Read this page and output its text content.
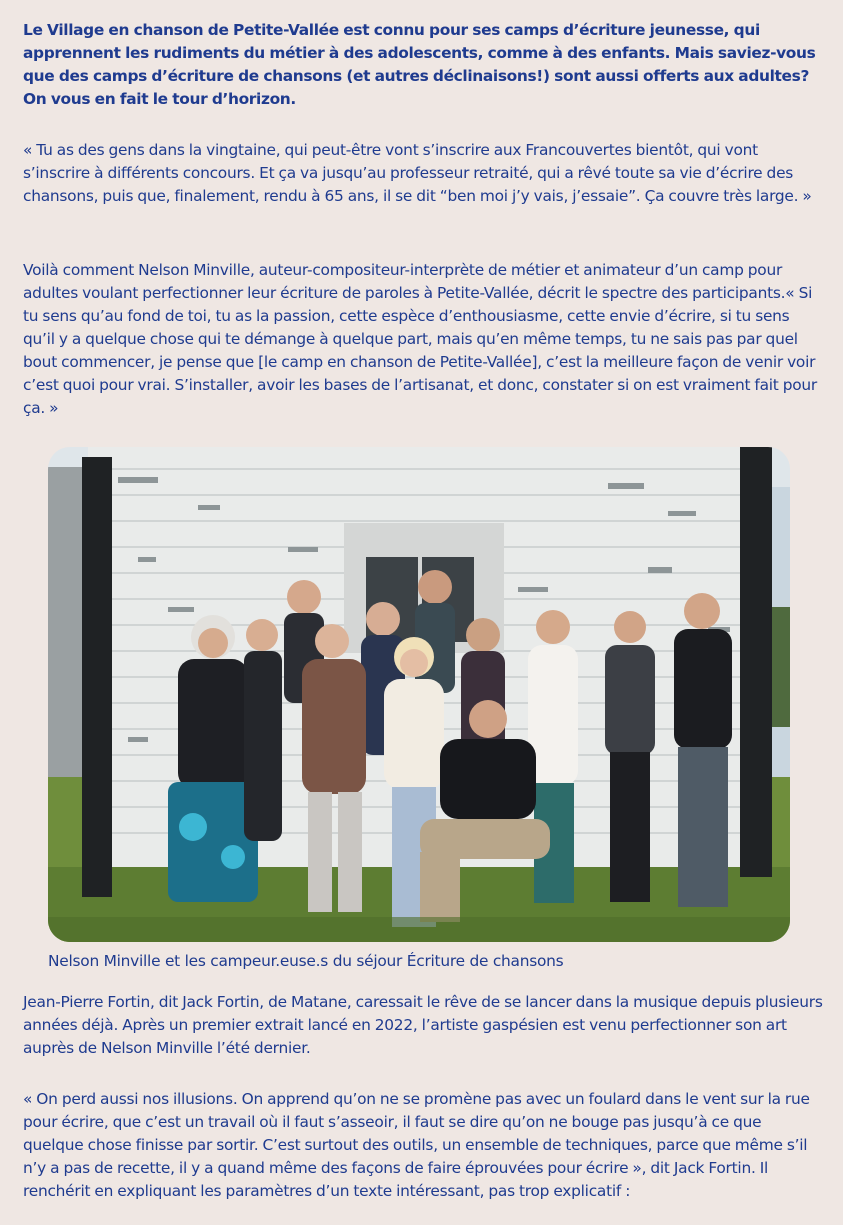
Le Village en chanson de Petite-Vallée est connu pour ses camps d’écriture jeunesse, qui apprennent les rudiments du métier à des adolescents, comme à des enfants. Mais saviez-vous que des camps d’écriture de chansons (et autres déclinaisons!) sont aussi offerts aux adultes? On vous en fait le tour d’horizon.

« Tu as des gens dans la vingtaine, qui peut-être vont s’inscrire aux Francouvertes bientôt, qui vont s’inscrire à différents concours. Et ça va jusqu’au professeur retraité, qui a rêvé toute sa vie d’écrire des chansons, puis que, finalement, rendu à 65 ans, il se dit “ben moi j’y vais, j’essaie”. Ça couvre très large. »

Voilà comment Nelson Minville, auteur-compositeur-interprète de métier et animateur d’un camp pour adultes voulant perfectionner leur écriture de paroles à Petite-Vallée, décrit le spectre des participants.« Si tu sens qu’au fond de toi, tu as la passion, cette espèce d’enthousiasme, cette envie d’écrire, si tu sens qu’il y a quelque chose qui te démange à quelque part, mais qu’en même temps, tu ne sais pas par quel bout commencer, je pense que [le camp en chanson de Petite-Vallée], c’est la meilleure façon de venir voir c’est quoi pour vrai. S’installer, avoir les bases de l’artisanat, et donc, constater si on est vraiment fait pour ça. »

Nelson Minville et les campeur.euse.s du séjour Écriture de chansons

Jean-Pierre Fortin, dit Jack Fortin, de Matane, caressait le rêve de se lancer dans la musique depuis plusieurs années déjà. Après un premier extrait lancé en 2022, l’artiste gaspésien est venu perfectionner son art auprès de Nelson Minville l’été dernier.

« On perd aussi nos illusions. On apprend qu’on ne se promène pas avec un foulard dans le vent sur la rue pour écrire, que c’est un travail où il faut s’asseoir, il faut se dire qu’on ne bouge pas jusqu’à ce que quelque chose finisse par sortir. C’est surtout des outils, un ensemble de techniques, parce que même s’il n’y a pas de recette, il y a quand même des façons de faire éprouvées pour écrire », dit Jack Fortin. Il renchérit en expliquant les paramètres d’un texte intéressant, pas trop explicatif :
